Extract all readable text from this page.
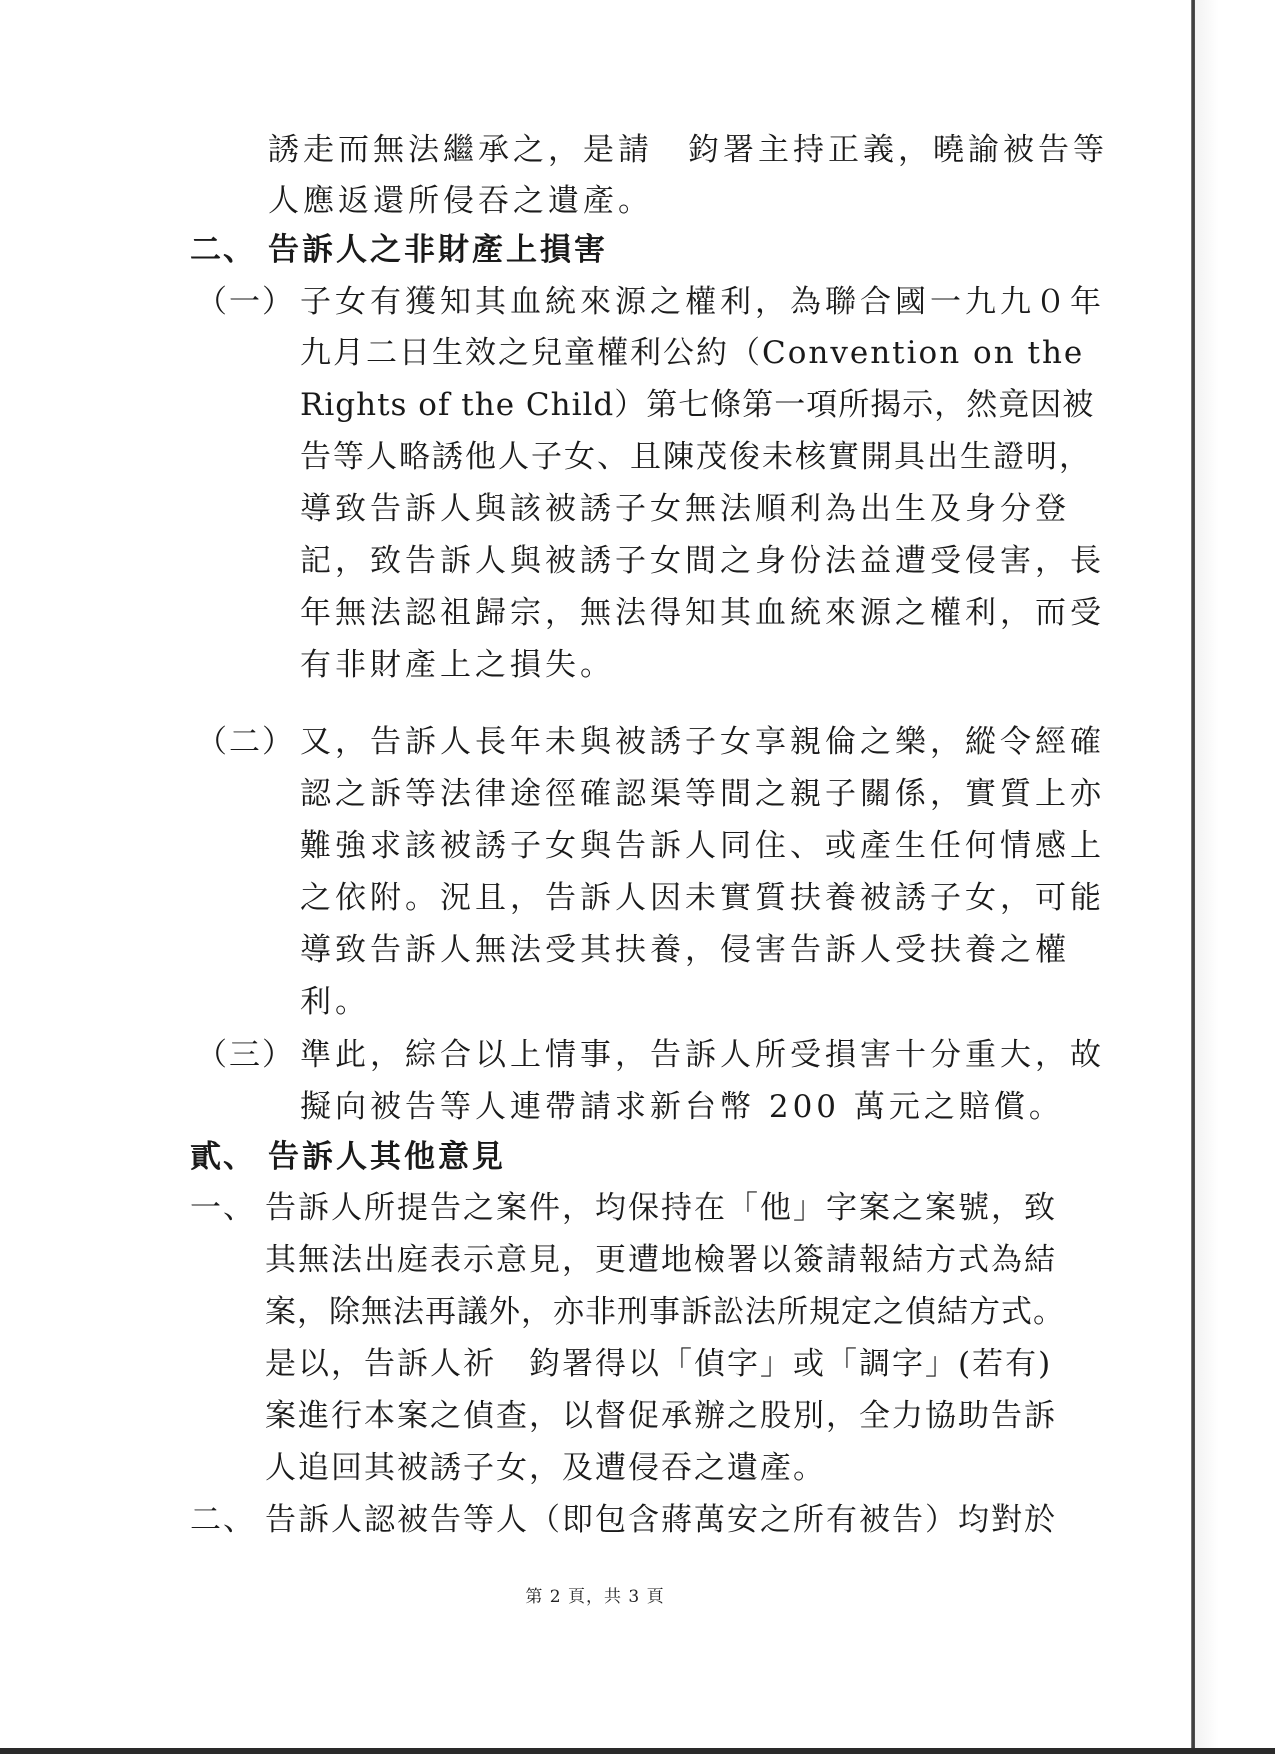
誘走而無法繼承之，是請　鈞署主持正義，曉諭被告等
人應返還所侵吞之遺產。
二、 告訴人之非財產上損害
（一） 子女有獲知其血統來源之權利，為聯合國一九九０年
九月二日生效之兒童權利公約（Convention on the
Rights of the Child）第七條第一項所揭示，然竟因被
告等人略誘他人子女、且陳茂俊未核實開具出生證明，
導致告訴人與該被誘子女無法順利為出生及身分登
記，致告訴人與被誘子女間之身份法益遭受侵害，長
年無法認祖歸宗，無法得知其血統來源之權利，而受
有非財產上之損失。
（二） 又，告訴人長年未與被誘子女享親倫之樂，縱令經確
認之訴等法律途徑確認渠等間之親子關係，實質上亦
難強求該被誘子女與告訴人同住、或產生任何情感上
之依附。況且，告訴人因未實質扶養被誘子女，可能
導致告訴人無法受其扶養，侵害告訴人受扶養之權
利。
（三） 準此，綜合以上情事，告訴人所受損害十分重大，故
擬向被告等人連帶請求新台幣 200 萬元之賠償。
貳、 告訴人其他意見
一、 告訴人所提告之案件，均保持在「他」字案之案號，致
其無法出庭表示意見，更遭地檢署以簽請報結方式為結
案，除無法再議外，亦非刑事訴訟法所規定之偵結方式。
是以，告訴人祈　鈞署得以「偵字」或「調字」(若有)
案進行本案之偵查，以督促承辦之股別，全力協助告訴
人追回其被誘子女，及遭侵吞之遺產。
二、 告訴人認被告等人（即包含蔣萬安之所有被告）均對於
第 2 頁，共 3 頁
